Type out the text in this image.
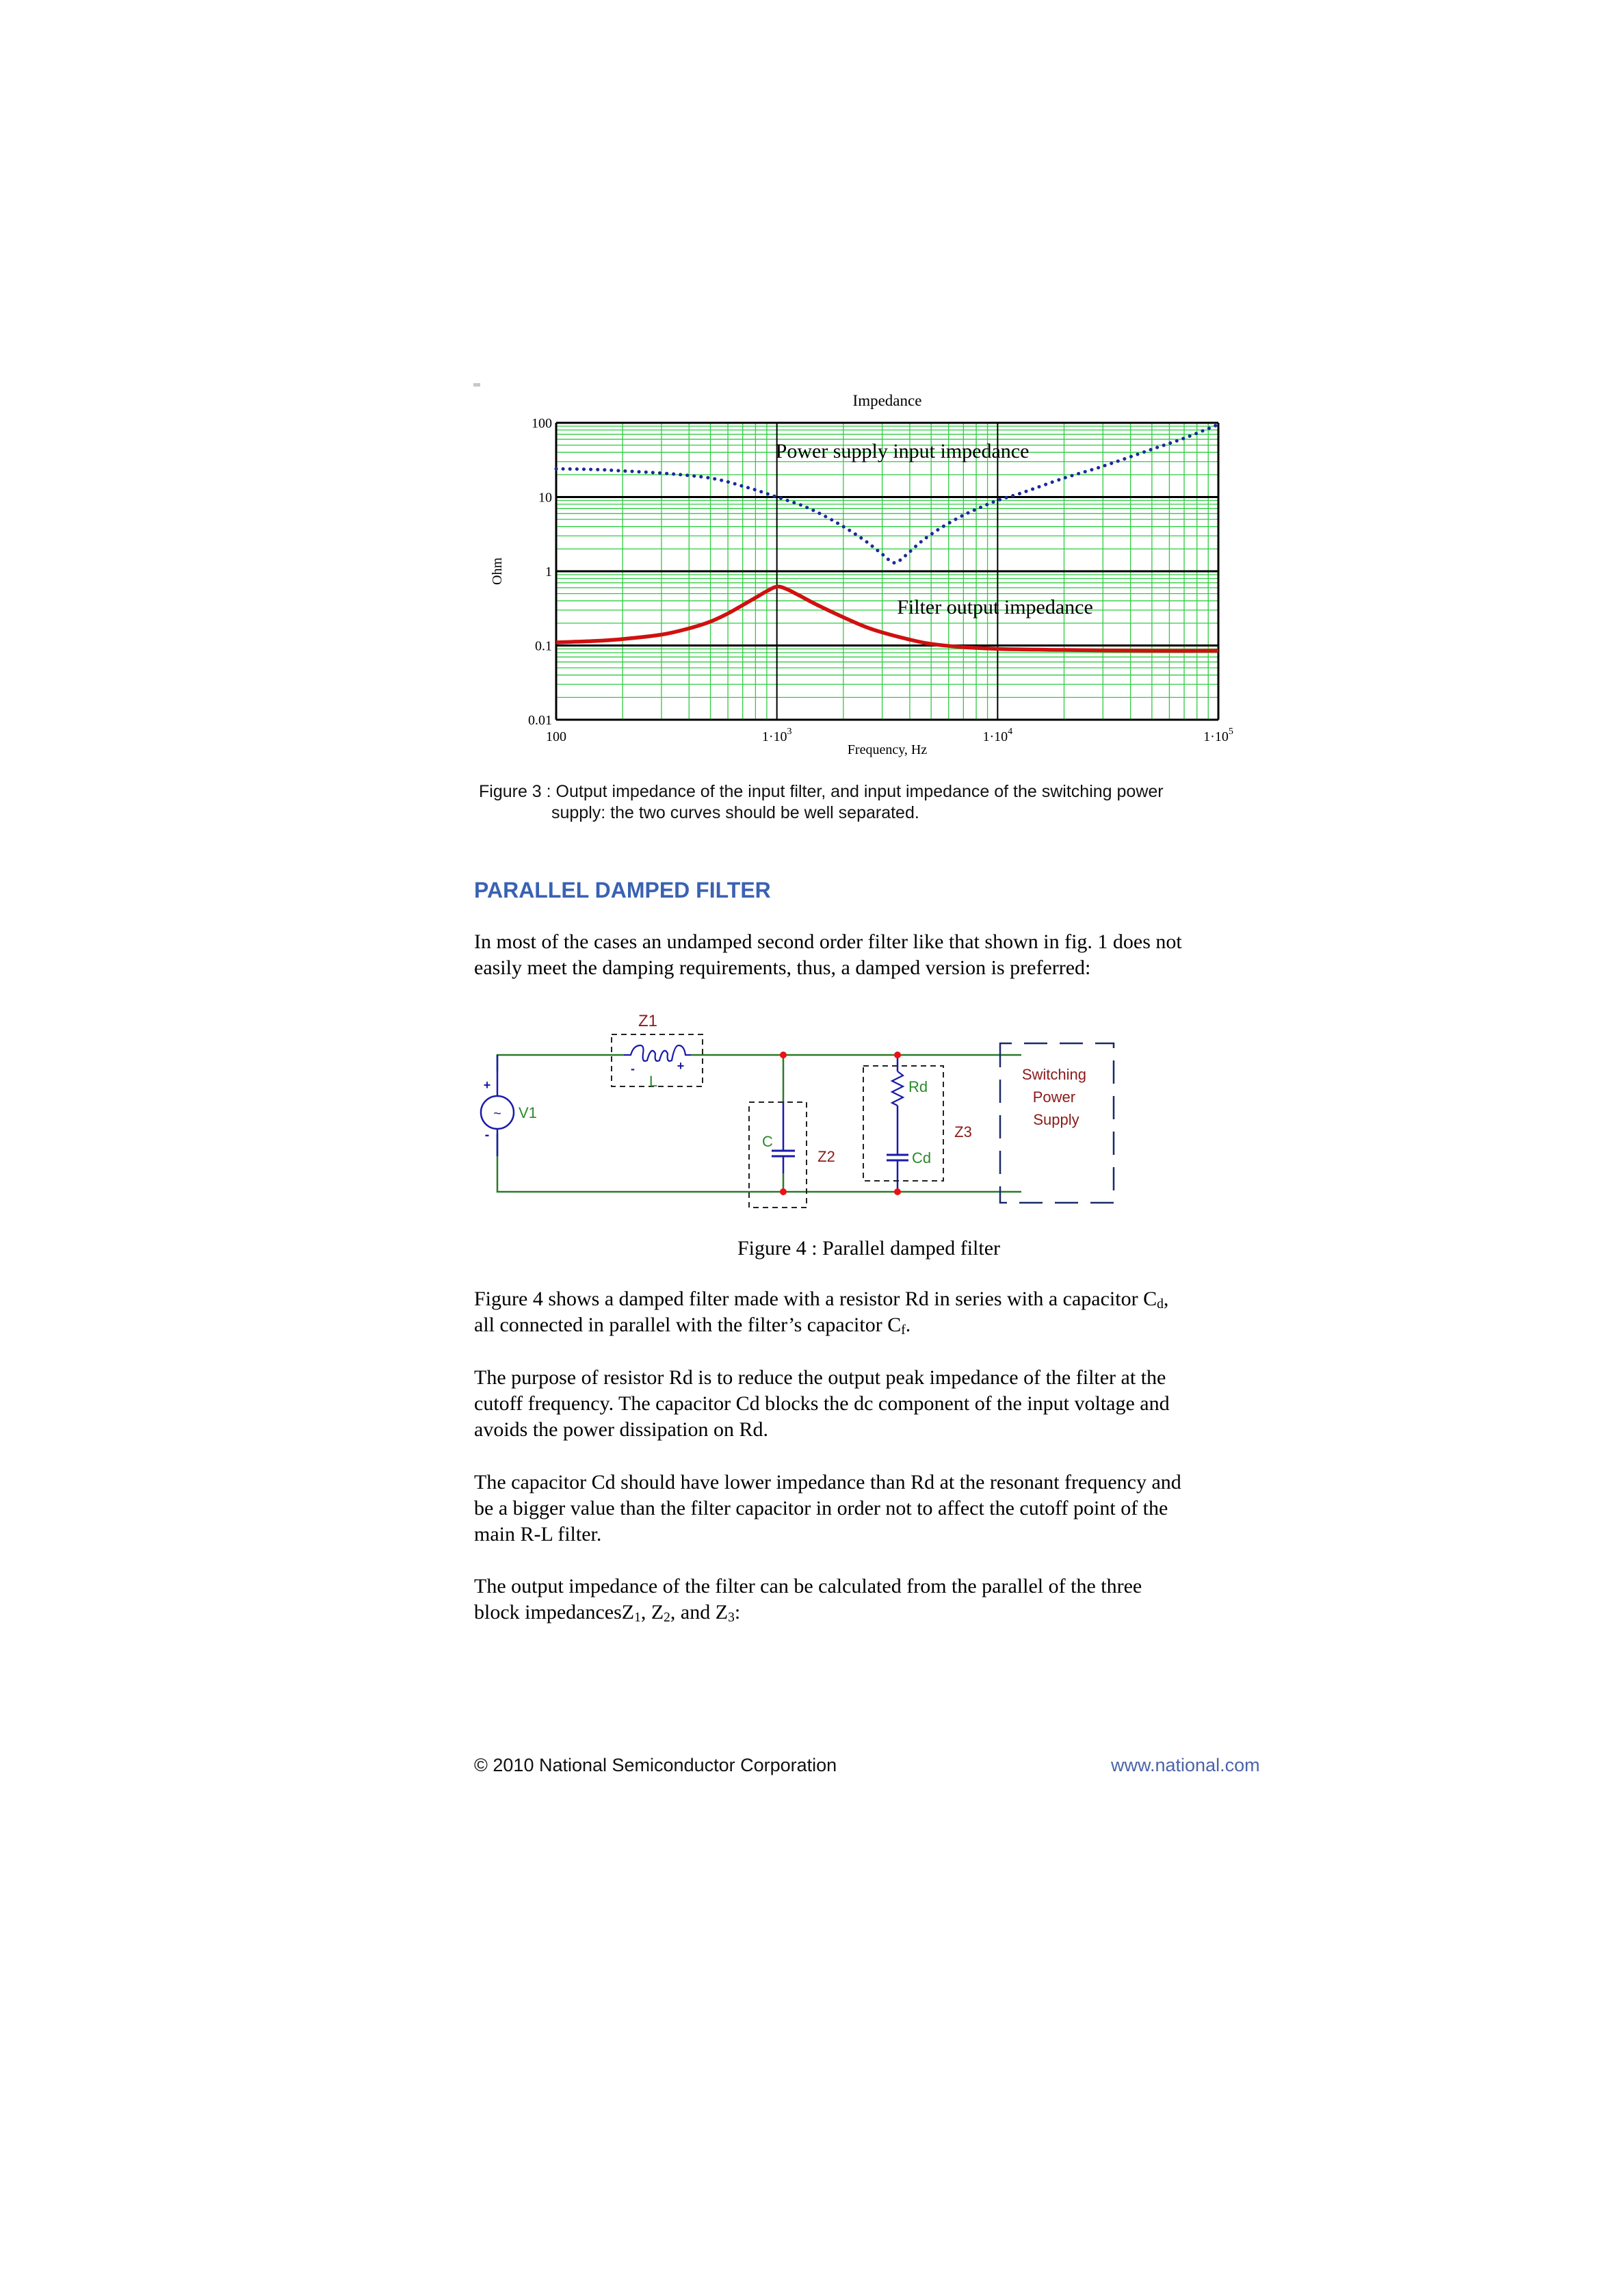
100
10
1
0.1
0.01
100	$1\cdot 10^3$	$1\cdot 10^4$	$1\cdot 10^5$
Impedance
Frequency, Hz
Ohm
Power supply input impedance
Filter output impedance
Figure 3 : Output impedance of the input filter, and input impedance of the switching power
supply: the two curves should be well separated.
PARALLEL DAMPED FILTER
In most of the cases an undamped second order filter like that shown in fig. 1 does not
easily meet the damping requirements, thus, a damped version is preferred:
~
+
-
V1
Z1
-	+
L
C
Z2
Rd
Cd
Z3
Switching Power Supply
Figure 4 : Parallel damped filter
Figure 4 shows a damped filter made with a resistor Rd in series with a capacitor $C_d$,
all connected in parallel with the filter’s capacitor $C_f$.
The purpose of resistor Rd is to reduce the output peak impedance of the filter at the
cutoff frequency. The capacitor Cd blocks the dc component of the input voltage and
avoids the power dissipation on Rd.
The capacitor Cd should have lower impedance than Rd at the resonant frequency and
be a bigger value than the filter capacitor in order not to affect the cutoff point of the
main R-L filter.
The output impedance of the filter can be calculated from the parallel of the three
block impedancesZ$_1$, $Z_2$, and $Z_3$:
© 2010 National Semiconductor Corporation	www.national.com
